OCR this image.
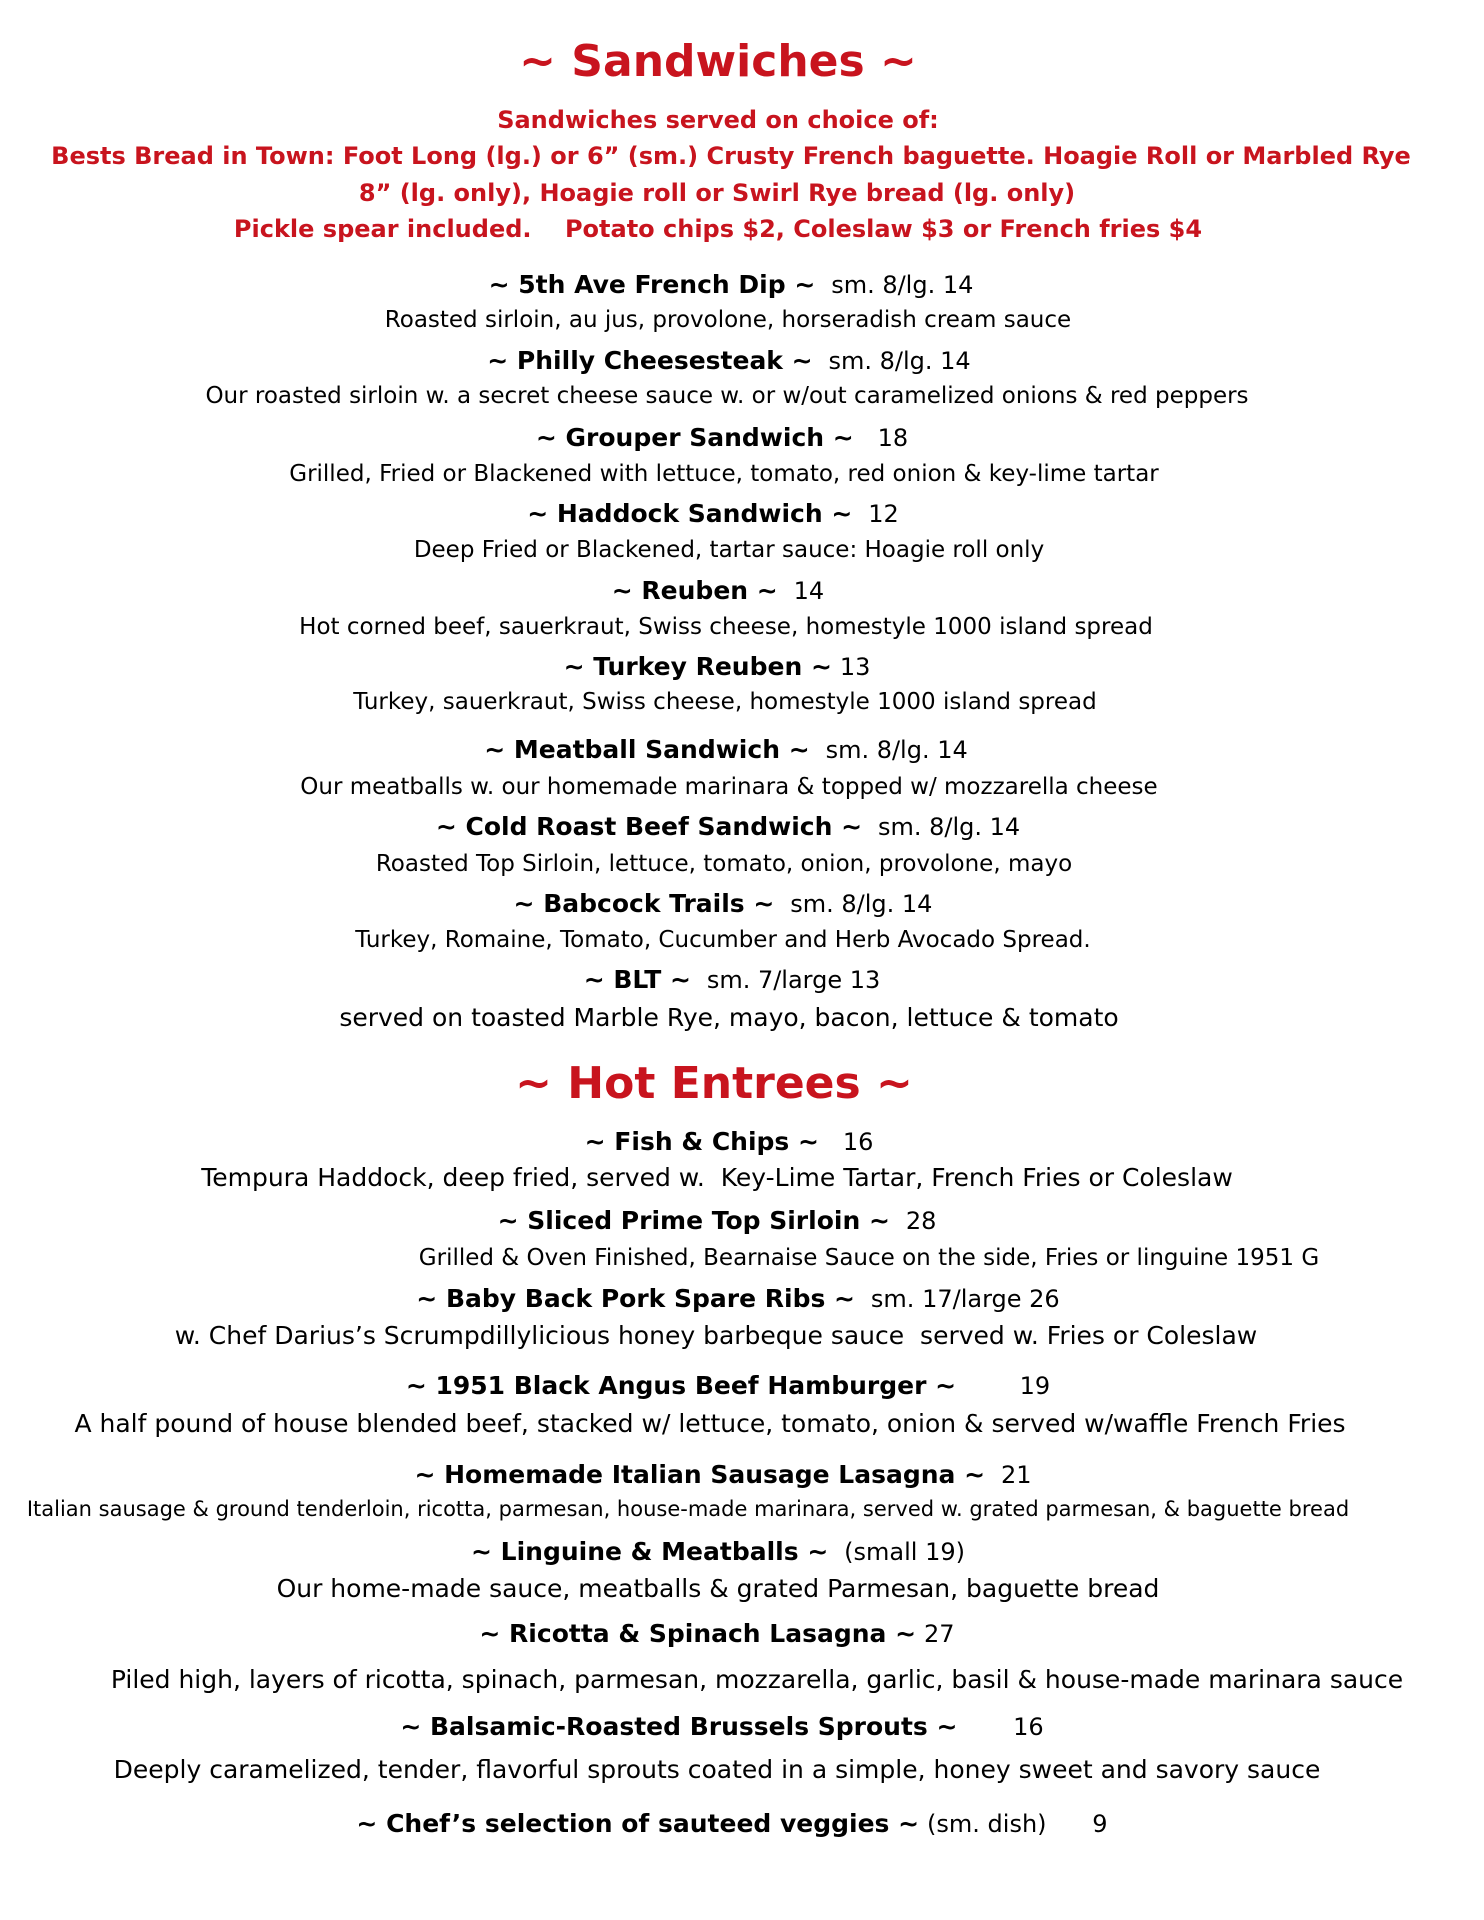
~ Sandwiches ~
Sandwiches served on choice of:
Bests Bread in Town: Foot Long (lg.) or 6” (sm.) Crusty French baguette. Hoagie Roll or Marbled Rye
8” (lg. only), Hoagie roll or Swirl Rye bread (lg. only)
Pickle spear included.    Potato chips $2, Coleslaw $3 or French fries $4
~ 5th Ave French Dip ~ sm. 8/lg. 14
Roasted sirloin, au jus, provolone, horseradish cream sauce
~ Philly Cheesesteak ~ sm. 8/lg. 14
Our roasted sirloin w. a secret cheese sauce w. or w/out caramelized onions & red peppers
~ Grouper Sandwich ~ 18
Grilled, Fried or Blackened with lettuce, tomato, red onion & key-lime tartar
~ Haddock Sandwich ~ 12
Deep Fried or Blackened, tartar sauce: Hoagie roll only
~ Reuben ~ 14
Hot corned beef, sauerkraut, Swiss cheese, homestyle 1000 island spread
~ Turkey Reuben ~ 13
Turkey, sauerkraut, Swiss cheese, homestyle 1000 island spread
~ Meatball Sandwich ~ sm. 8/lg. 14
Our meatballs w. our homemade marinara & topped w/ mozzarella cheese
~ Cold Roast Beef Sandwich ~ sm. 8/lg. 14
Roasted Top Sirloin, lettuce, tomato, onion, provolone, mayo
~ Babcock Trails ~ sm. 8/lg. 14
Turkey, Romaine, Tomato, Cucumber and Herb Avocado Spread.
~ BLT ~ sm. 7/large 13
served on toasted Marble Rye, mayo, bacon, lettuce & tomato
~ Hot Entrees ~
~ Fish & Chips ~ 16
Tempura Haddock, deep fried, served w.  Key-Lime Tartar, French Fries or Coleslaw
~ Sliced Prime Top Sirloin ~ 28
Grilled & Oven Finished, Bearnaise Sauce on the side, Fries or linguine 1951 G
~ Baby Back Pork Spare Ribs ~ sm. 17/large 26
w. Chef Darius’s Scrumpdillylicious honey barbeque sauce  served w. Fries or Coleslaw
~ 1951 Black Angus Beef Hamburger ~	19
A half pound of house blended beef, stacked w/ lettuce, tomato, onion & served w/waffle French Fries
~ Homemade Italian Sausage Lasagna ~ 21
Italian sausage & ground tenderloin, ricotta, parmesan, house-made marinara, served w. grated parmesan, & baguette bread
~ Linguine & Meatballs ~ (small 19)
Our home-made sauce, meatballs & grated Parmesan, baguette bread
~ Ricotta & Spinach Lasagna ~ 27
Piled high, layers of ricotta, spinach, parmesan, mozzarella, garlic, basil & house-made marinara sauce
~ Balsamic-Roasted Brussels Sprouts ~ 16
Deeply caramelized, tender, flavorful sprouts coated in a simple, honey sweet and savory sauce
~ Chef’s selection of sauteed veggies ~ (sm. dish)      9
